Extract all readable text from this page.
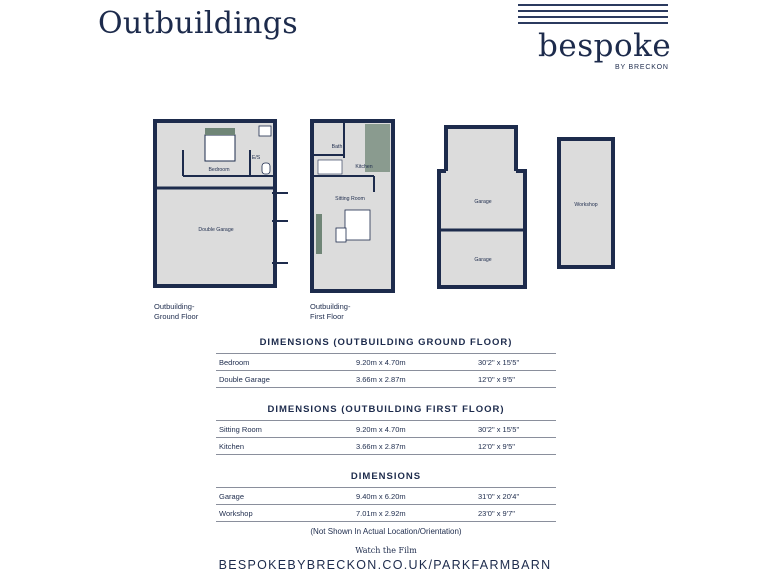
Outbuildings
bespoke
BY BRECKON
Bedroom
E/S
Double Garage
Bath
Kitchen
Sitting Room	Garage
Garage
Workshop
Outbuilding-
Ground Floor
Outbuilding-
First Floor
DIMENSIONS (OUTBUILDING GROUND FLOOR)
Bedroom	9.20m x 4.70m	30'2" x 15'5"
Double Garage	3.66m x 2.87m	12'0" x 9'5"
DIMENSIONS (OUTBUILDING FIRST FLOOR)
Sitting Room	9.20m x 4.70m	30'2" x 15'5"
Kitchen	3.66m x 2.87m	12'0" x 9'5"
DIMENSIONS
Garage	9.40m x 6.20m	31'0" x 20'4"
Workshop	7.01m x 2.92m	23'0" x 9'7"
(Not Shown In Actual Location/Orientation)
Watch the Film
BESPOKEBYBRECKON.CO.UK/PARKFARMBARN
